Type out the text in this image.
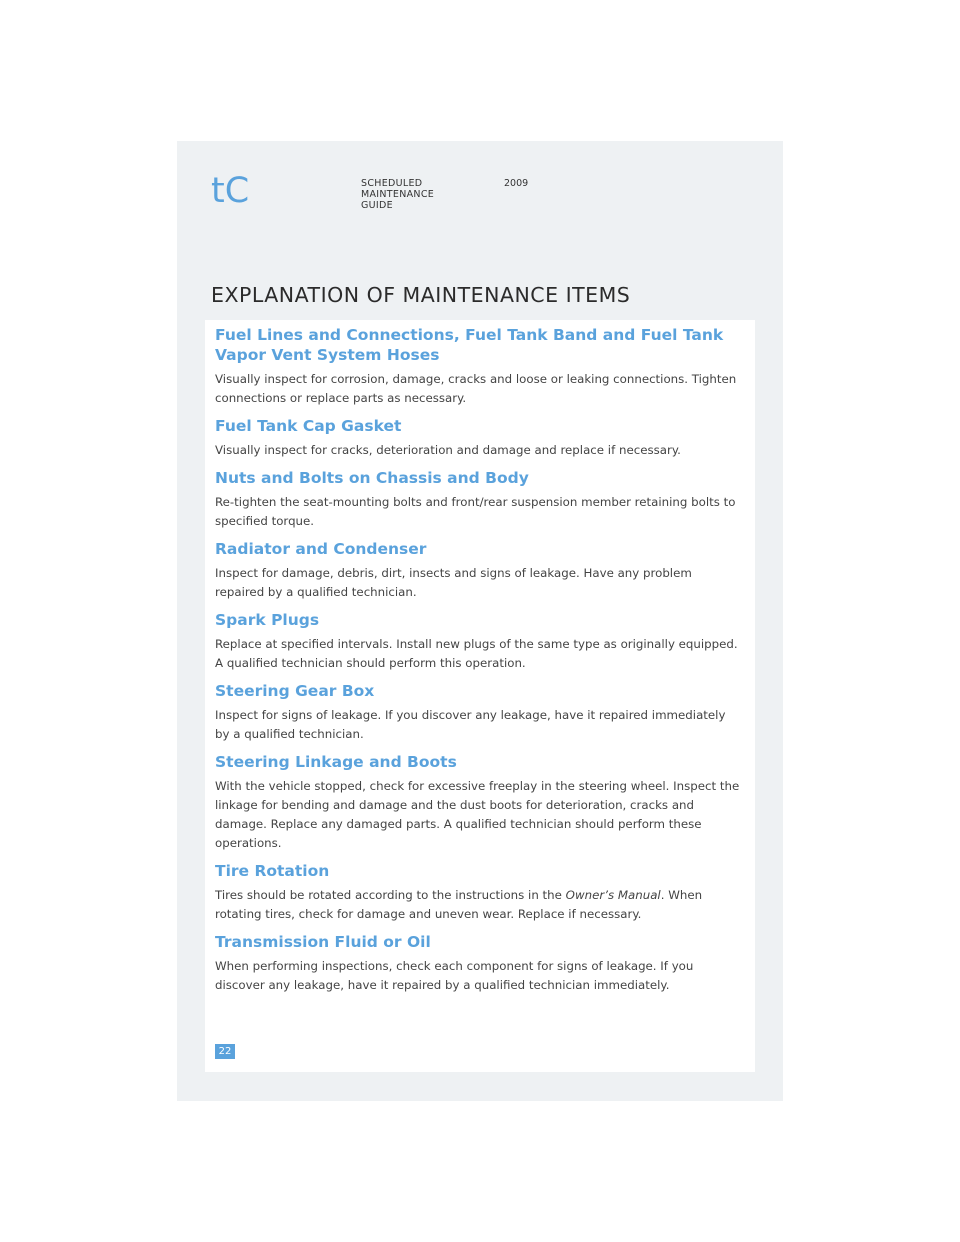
tC	SCHEDULED
MAINTENANCE
GUIDE
2009
EXPLANATION OF MAINTENANCE ITEMS
Fuel Lines and Connections, Fuel Tank Band and Fuel Tank Vapor Vent System Hoses

Visually inspect for corrosion, damage, cracks and loose or leaking connections. Tighten connections or replace parts as necessary.

Fuel Tank Cap Gasket

Visually inspect for cracks, deterioration and damage and replace if necessary.

Nuts and Bolts on Chassis and Body

Re-tighten the seat-mounting bolts and front/rear suspension member retaining bolts to specified torque.

Radiator and Condenser

Inspect for damage, debris, dirt, insects and signs of leakage. Have any problem repaired by a qualified technician.

Spark Plugs

Replace at specified intervals. Install new plugs of the same type as originally equipped. A qualified technician should perform this operation.

Steering Gear Box

Inspect for signs of leakage. If you discover any leakage, have it repaired immediately by a qualified technician.

Steering Linkage and Boots

With the vehicle stopped, check for excessive freeplay in the steering wheel. Inspect the linkage for bending and damage and the dust boots for deterioration, cracks and damage. Replace any damaged parts. A qualified technician should perform these operations.

Tire Rotation

Tires should be rotated according to the instructions in the Owner’s Manual. When rotating tires, check for damage and uneven wear. Replace if necessary.

Transmission Fluid or Oil

When performing inspections, check each component for signs of leakage. If you discover any leakage, have it repaired by a qualified technician immediately.

22
